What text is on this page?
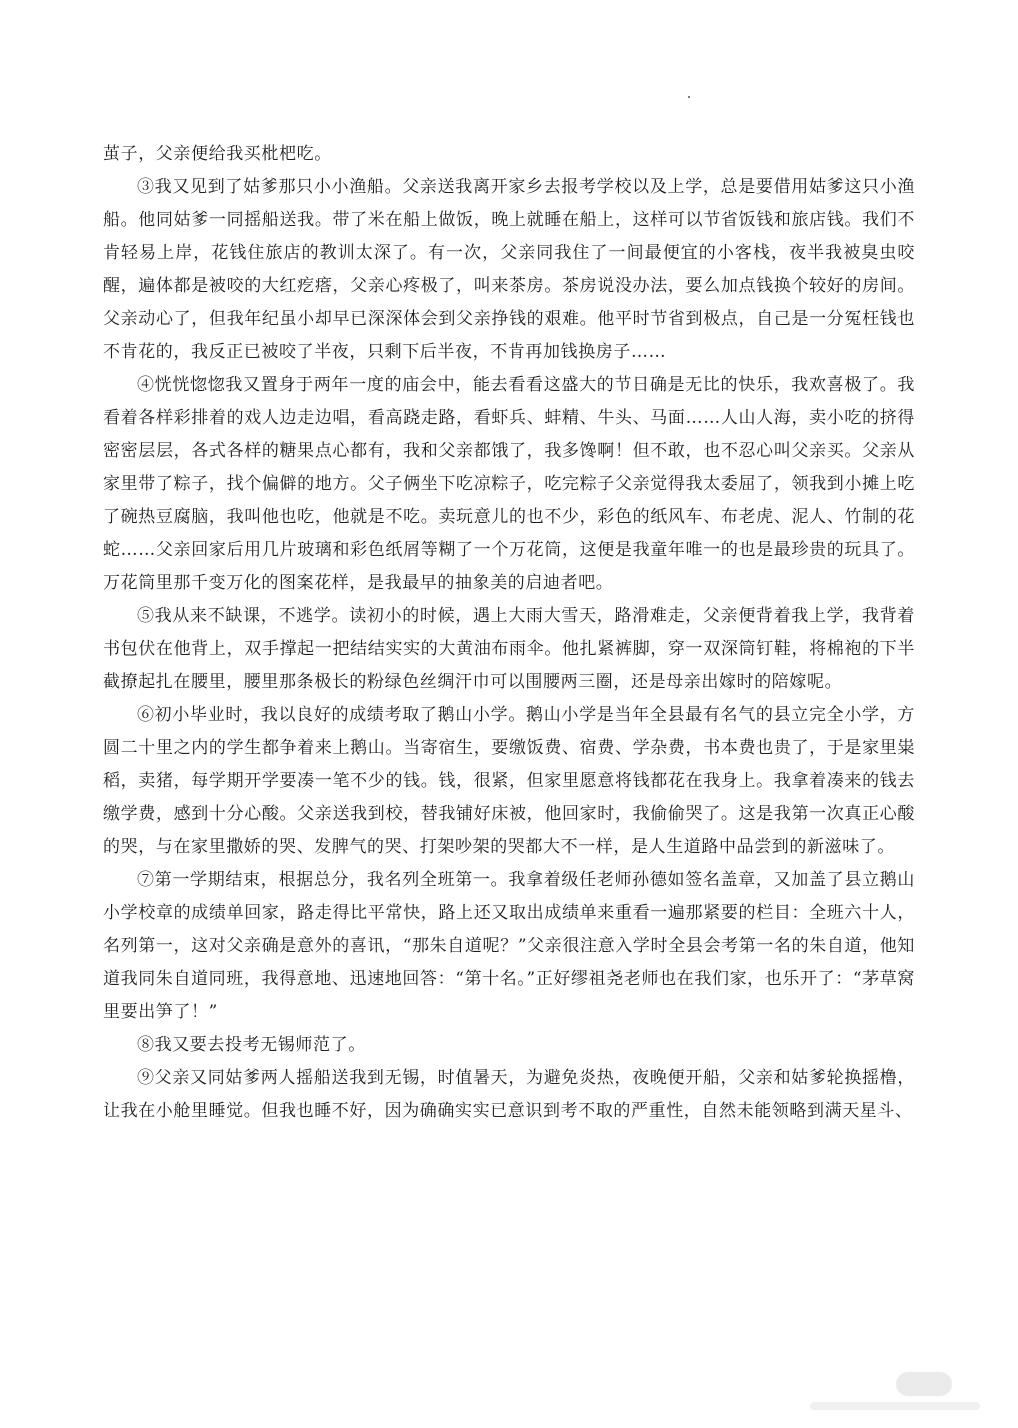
茧子，父亲便给我买枇杷吃。

③我又见到了姑爹那只小小渔船。父亲送我离开家乡去报考学校以及上学，总是要借用姑爹这只小渔船。他同姑爹一同摇船送我。带了米在船上做饭，晚上就睡在船上，这样可以节省饭钱和旅店钱。我们不肯轻易上岸，花钱住旅店的教训太深了。有一次，父亲同我住了一间最便宜的小客栈，夜半我被臭虫咬醒，遍体都是被咬的大红疙瘩，父亲心疼极了，叫来茶房。茶房说没办法，要么加点钱换个较好的房间。父亲动心了，但我年纪虽小却早已深深体会到父亲挣钱的艰难。他平时节省到极点，自己是一分冤枉钱也不肯花的，我反正已被咬了半夜，只剩下后半夜，不肯再加钱换房子……

④恍恍惚惚我又置身于两年一度的庙会中，能去看看这盛大的节日确是无比的快乐，我欢喜极了。我看着各样彩排着的戏人边走边唱，看高跷走路，看虾兵、蚌精、牛头、马面……人山人海，卖小吃的挤得密密层层，各式各样的糖果点心都有，我和父亲都饿了，我多馋啊！但不敢，也不忍心叫父亲买。父亲从家里带了粽子，找个偏僻的地方。父子俩坐下吃凉粽子，吃完粽子父亲觉得我太委屈了，领我到小摊上吃了碗热豆腐脑，我叫他也吃，他就是不吃。卖玩意儿的也不少，彩色的纸风车、布老虎、泥人、竹制的花蛇……父亲回家后用几片玻璃和彩色纸屑等糊了一个万花筒，这便是我童年唯一的也是最珍贵的玩具了。万花筒里那千变万化的图案花样，是我最早的抽象美的启迪者吧。

⑤我从来不缺课，不逃学。读初小的时候，遇上大雨大雪天，路滑难走，父亲便背着我上学，我背着书包伏在他背上，双手撑起一把结结实实的大黄油布雨伞。他扎紧裤脚，穿一双深筒钉鞋，将棉袍的下半截撩起扎在腰里，腰里那条极长的粉绿色丝绸汗巾可以围腰两三圈，还是母亲出嫁时的陪嫁呢。

⑥初小毕业时，我以良好的成绩考取了鹅山小学。鹅山小学是当年全县最有名气的县立完全小学，方圆二十里之内的学生都争着来上鹅山。当寄宿生，要缴饭费、宿费、学杂费，书本费也贵了，于是家里粜稻，卖猪，每学期开学要凑一笔不少的钱。钱，很紧，但家里愿意将钱都花在我身上。我拿着凑来的钱去缴学费，感到十分心酸。父亲送我到校，替我铺好床被，他回家时，我偷偷哭了。这是我第一次真正心酸的哭，与在家里撒娇的哭、发脾气的哭、打架吵架的哭都大不一样，是人生道路中品尝到的新滋味了。

⑦第一学期结束，根据总分，我名列全班第一。我拿着级任老师孙德如签名盖章，又加盖了县立鹅山小学校章的成绩单回家，路走得比平常快，路上还又取出成绩单来重看一遍那紧要的栏目：全班六十人，名列第一，这对父亲确是意外的喜讯，“那朱自道呢？”父亲很注意入学时全县会考第一名的朱自道，他知道我同朱自道同班，我得意地、迅速地回答：“第十名。”正好缪祖尧老师也在我们家，也乐开了：“茅草窝里要出笋了！”

⑧我又要去投考无锡师范了。

⑨父亲又同姑爹两人摇船送我到无锡，时值暑天，为避免炎热，夜晚便开船，父亲和姑爹轮换摇橹，让我在小舱里睡觉。但我也睡不好，因为确确实实已意识到考不取的严重性，自然未能领略到满天星斗、
